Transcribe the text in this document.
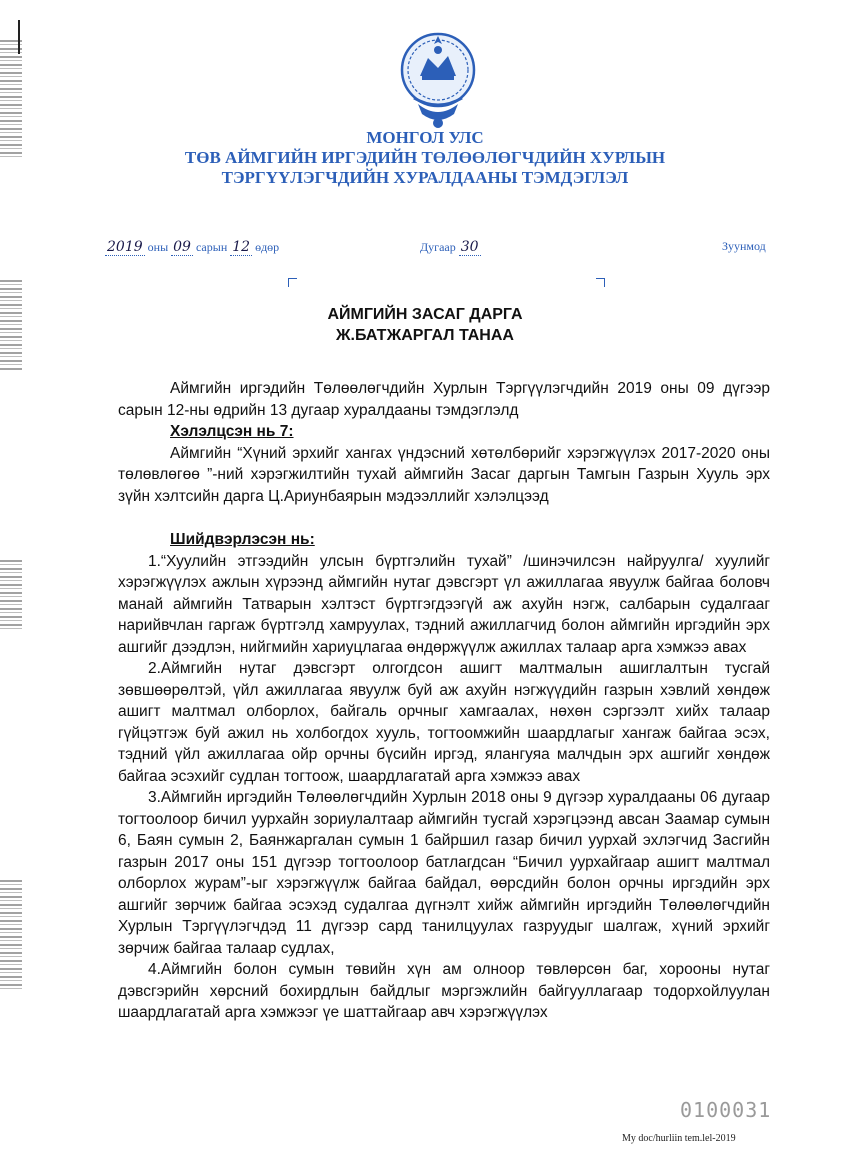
МОНГОЛ УЛС
ТӨВ АЙМГИЙН ИРГЭДИЙН ТӨЛӨӨЛӨГЧДИЙН ХУРЛЫН
ТЭРГҮҮЛЭГЧДИЙН ХУРАЛДААНЫ ТЭМДЭГЛЭЛ
2019 оны 09 сарын 12 өдөр	Дугаар 30	Зуунмод
АЙМГИЙН ЗАСАГ ДАРГА
Ж.БАТЖАРГАЛ ТАНАА

Аймгийн иргэдийн Төлөөлөгчдийн Хурлын Тэргүүлэгчдийн 2019 оны 09 дүгээр сарын 12-ны өдрийн 13 дугаар хуралдааны тэмдэглэлд

Хэлэлцсэн нь 7:

Аймгийн “Хүний эрхийг хангах үндэсний хөтөлбөрийг хэрэгжүүлэх 2017-2020 оны төлөвлөгөө ”-ний хэрэгжилтийн тухай аймгийн Засаг даргын Тамгын Газрын Хууль эрх зүйн хэлтсийн дарга Ц.Ариунбаярын мэдээллийг хэлэлцээд

Шийдвэрлэсэн нь:

1.“Хуулийн этгээдийн улсын бүртгэлийн тухай” /шинэчилсэн найруулга/ хуулийг хэрэгжүүлэх ажлын хүрээнд аймгийн нутаг дэвсгэрт үл ажиллагаа явуулж байгаа боловч манай аймгийн Татварын хэлтэст бүртгэгдээгүй аж ахуйн нэгж, салбарын судалгааг нарийвчлан гаргаж бүртгэлд хамруулах, тэдний ажиллагчид болон аймгийн иргэдийн эрх ашгийг дээдлэн, нийгмийн хариуцлагаа өндөржүүлж ажиллах талаар арга хэмжээ авах

2.Аймгийн нутаг дэвсгэрт олгогдсон ашигт малтмалын ашиглалтын тусгай зөвшөөрөлтэй, үйл ажиллагаа явуулж буй аж ахуйн нэгжүүдийн газрын хэвлий хөндөж ашигт малтмал олборлох, байгаль орчныг хамгаалах, нөхөн сэргээлт хийх талаар гүйцэтгэж буй ажил нь холбогдох хууль, тогтоомжийн шаардлагыг хангаж байгаа эсэх, тэдний үйл ажиллагаа ойр орчны бүсийн иргэд, ялангуяа малчдын эрх ашгийг хөндөж байгаа эсэхийг судлан тогтоож, шаардлагатай арга хэмжээ авах

3.Аймгийн иргэдийн Төлөөлөгчдийн Хурлын 2018 оны 9 дүгээр хуралдааны 06 дугаар тогтоолоор бичил уурхайн зориулалтаар аймгийн тусгай хэрэгцээнд авсан Заамар сумын 6, Баян сумын 2, Баянжаргалан сумын 1 байршил газар бичил уурхай эхлэгчид Засгийн газрын 2017 оны 151 дүгээр тогтоолоор батлагдсан “Бичил уурхайгаар ашигт малтмал олборлох журам”-ыг хэрэгжүүлж байгаа байдал, өөрсдийн болон орчны иргэдийн эрх ашгийг зөрчиж байгаа эсэхэд судалгаа дүгнэлт хийж аймгийн иргэдийн Төлөөлөгчдийн Хурлын Тэргүүлэгчдэд 11 дүгээр сард танилцуулах газруудыг шалгаж, хүний эрхийг зөрчиж байгаа талаар судлах,

4.Аймгийн болон сумын төвийн хүн ам олноор төвлөрсөн баг, хорооны нутаг дэвсгэрийн хөрсний бохирдлын байдлыг мэргэжлийн байгууллагаар тодорхойлуулан шаардлагатай арга хэмжээг үе шаттайгаар авч хэрэгжүүлэх

0100031
My doc/hurliin tem.lel-2019
